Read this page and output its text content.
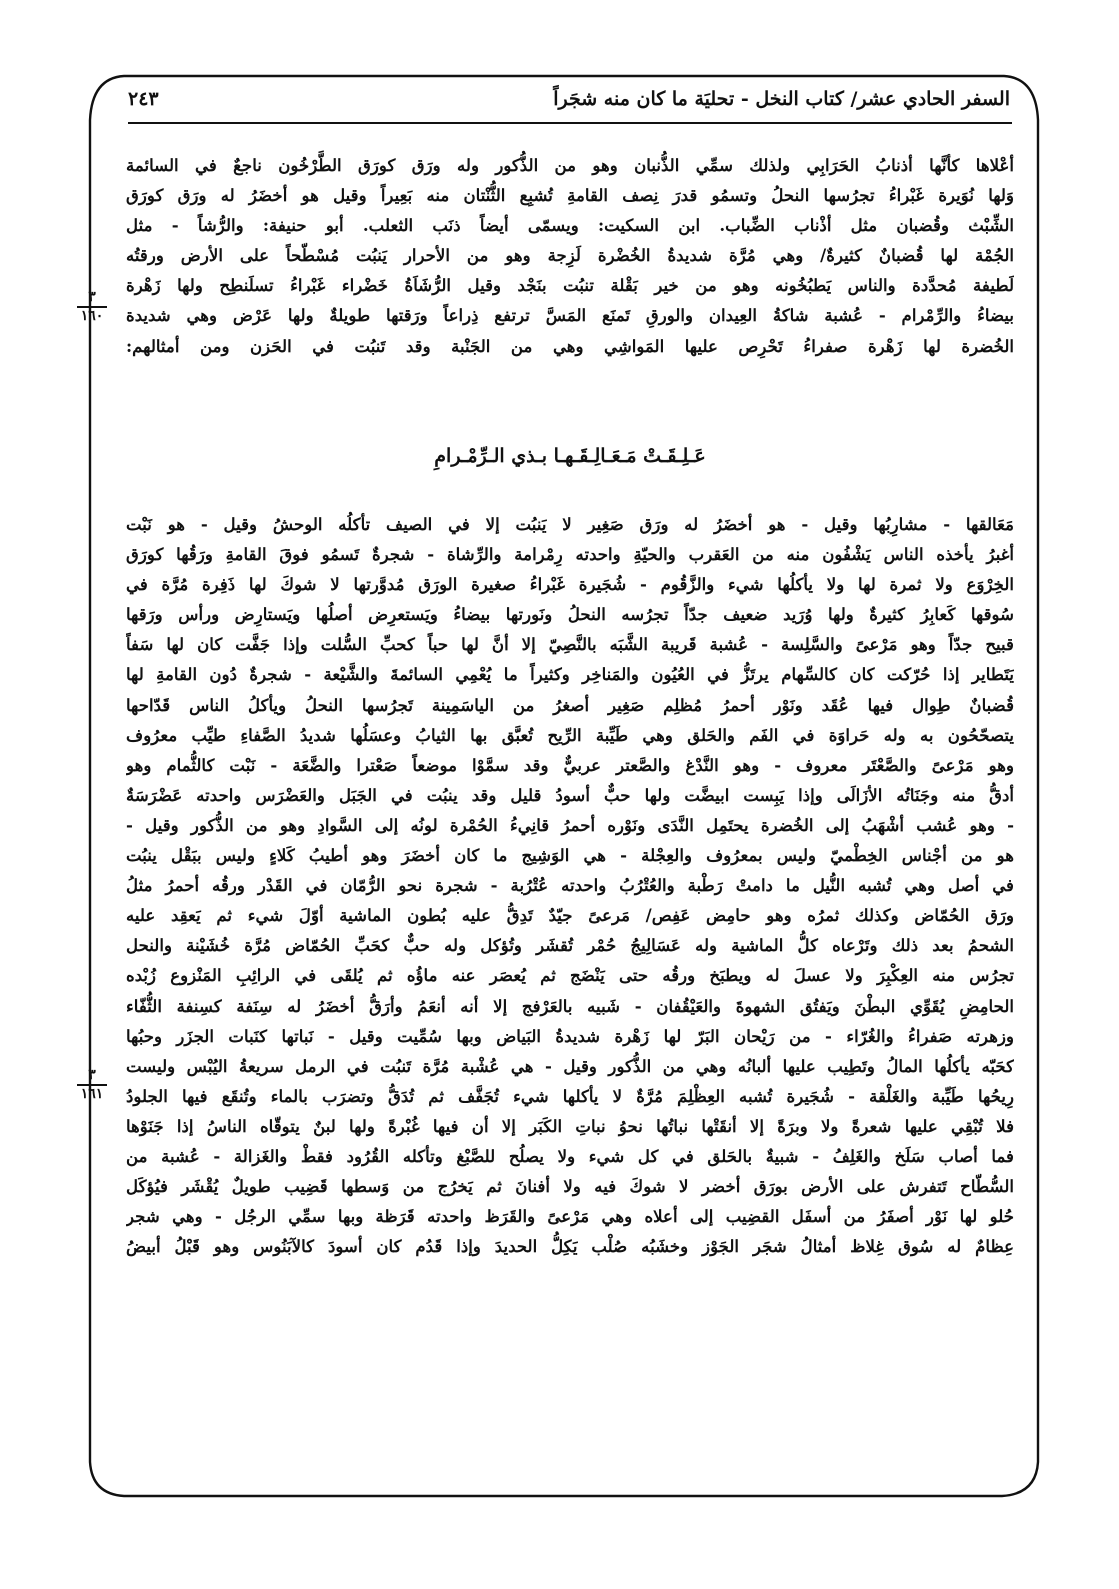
السفر الحادي عشر/ كتاب النخل - تحليَة ما كان منه شجَراً
٢٤٣
٣
١٦٠
٣
١٦١
أعْلاها كأنَّها أذنابُ الحَرَابِي ولذلك سمِّي الذُّنبان وهو من الذُّكور وله ورَق كورَق الطَّرْخُون ناجعٌ في السائمة
وَلها نُوَيرة غَبْراءُ تجرُسها النحلُ وتسمُو قدرَ نِصف القامةِ تُشبِع الثُّنْتان منه بَعِيراً وقيل هو أخضَرُ له ورَق كورَق
الشِّبْث وقُضبان مثل أذْناب الضِّباب. ابن السكيت: ويسمّى أيضاً ذنَب الثعلب. أبو حنيفة: والرُّشاً - مثل
الجُمْة لها قُضبانٌ كثيرةٌ/ وهي مُرَّة شديدةُ الخُضْرة لَزِجة وهو من الأحرار يَنبُت مُسْطّحاً على الأرض ورقتُه
لَطيفة مُحدَّدة والناس يَطبُخُونه وهو من خير بَقْلة تنبُت بنَجْد وقيل الرُّشَاَةُ خَضْراء غَبْراءُ تسلَنطِح ولها زَهْرة
بيضاءُ والرِّمْرام - عُشبة شاكةُ العِيدان والورقِ تَمنَع المَسَّ ترتفع ذِراعاً ورَقتها طويلةٌ ولها عَرْض وهي شديدة
الخُضرة لها زَهْرة صفراءُ تَحْرِص عليها المَواشِي وهي من الجَنْبة وقد تَنبُت في الحَزن ومن أمثالهم:
عَـلِـقَـتْ مَـعَـالِـقَـهـا بـذي الـرِّمْـرامِ
مَعَالقها - مشارِبُها وقيل - هو أخضَرُ له ورَق صَغِير لا يَنبُت إلا في الصيف تأكلُه الوحشُ وقيل - هو نَبْت
أغبرُ يأخذه الناس يَشْفُون منه من العَقرب والحيّةِ واحدته رِمْرامة والرِّشاة - شجرةٌ تَسمُو فوقَ القامةِ ورَقُها كورَق
الخِرْوَع ولا ثمرة لها ولا يأكلُها شيء والزَّقُوم - شُجَيرة غَبْراءُ صغيرة الورَق مُدوَّرتها لا شوكَ لها ذَفِرة مُرَّة في
سُوقها كَعابِرُ كثيرةٌ ولها وُرَيد ضعيف جدّاً تجرُسه النحلُ ونَورتها بيضاءُ ويَستعرِض أصلُها ويَستارِض ورأس ورَقها
قبيح جدّاً وهو مَرْعىً والسَّلِسة - عُشبة قَريبة الشَّبَه بالنَّصِيّ إلا أنَّ لها حباً كحبِّ السُّلت وإذا جَفَّت كان لها سَفاً
يَتَطاير إذا حُرّكت كان كالسِّهام يرتَزُّ في العُيُون والمَناخِر وكثيراً ما يُعْمِي السائمةَ والشَّيْعة - شجرةٌ دُون القامةِ لها
قُضبانٌ طِوال فيها عُقَد ونَوْر أحمرُ مُظلِم صَغِير أصغرُ من الياسَمِينة تَجرُسها النحلُ ويأكلُ الناس قَدّاحها
يتصحّحُون به وله حَراوَة في الفَم والحَلق وهي طَيِّبة الرِّيح تُعبَّق بها الثيابُ وعسَلُها شديدُ الصَّفاءِ طيِّب معرُوف
وهو مَرْعىً والصَّعْتَر معروف - وهو النَّدْغ والصَّعتر عربيٌّ وقد سمَّوْا موضعاً صَعْترا والضَّعَة - نَبْت كالثُّمام وهو
أدقُّ منه وجَنَاتُه الأزَالَى وإذا يَبِست ابيضَّت ولها حبٌّ أسودُ قليل وقد ينبُت في الجَبَل والعَضْرَس واحدته عَضْرَسَةٌ
- وهو عُشب أشْهَبُ إلى الخُضرة يحتَمِل النَّدَى ونَوْره أحمرُ قانِيءُ الحُمْرة لونُه إلى السَّوادِ وهو من الذُّكور وقيل -
هو من أجْناس الخِطْميّ وليس بمعرُوف والعِجْلة - هي الوَشِيج ما كان أخضَرَ وهو أطيبُ كَلاءٍ وليس ببَقْل ينبُت
في أصل وهي تُشبه النُّيل ما دامتْ رَطْبة والعُتْرُبُ واحدته عُتْرُبة - شجرة نحو الرُّمّان في القَدْر ورقُه أحمرُ مثلُ
ورَق الحُمّاض وكذلك ثمرُه وهو حامِض عَفِص/ مَرعىً جيّدٌ تَدِقُّ عليه بُطون الماشية أوّلَ شيء ثم يَعقِد عليه
الشحمُ بعد ذلك وتَرْعاه كلُّ الماشية وله عَسَالِيجُ حُمْر تُقشَر وتُؤكل وله حبٌّ كحَبِّ الحُمّاض مُرَّة خُشَيْنة والنحل
تجرُس منه العِكْبِرَ ولا عسلَ له ويطبَخ ورقُه حتى يَنْضَج ثم يُعصَر عنه ماؤُه ثم يُلقَى في الرائِبِ المَنْزوع زُبْده
الحامِضِ يُقَوِّي البطْنَ ويَفتُق الشهوةَ والعَيْقُفان - شَبيه بالعَرْفج إلا أنه أنعَمُ وأرَقُّ أخضَرُ له سِنَفة كسِنفة الثُّفّاء
وزهرته صَفراءُ والغُرّاء - من رَيْحان البَرّ لها زَهْرة شديدةُ البَياض وبها سُمِّيت وقيل - نَباتها كنَبات الجزَر وحبُها
كحَبّه يأكلُها المالُ وتَطِيب عليها ألبانُه وهي من الذُّكور وقيل - هي عُشْبة مُرَّة تَنبُت في الرمل سريعةُ اليُبْس وليست
رِيحُها طَيِّبة والغَلْقة - شُجَيرة تُشبه العِظْلِمَ مُرَّةٌ لا يأكلها شيء تُجَفَّف ثم تُدَقُّ وتضرَب بالماء وتُنقَع فيها الجلودُ
فلا تُبْقِي عليها شعرةً ولا وبرَةً إلا أنقَتْها نباتُها نحوُ نباتِ الكَبَر إلا أن فيها غُبْرةً ولها لبنٌ يتوقّاه الناسُ إذا جَنَوْها
فما أصاب سَلَخ والغَلِفُ - شبيةٌ بالحَلق في كل شيء ولا يصلُح للصَّبْغ وتأكله القُرُود فقطْ والغَزالة - عُشبة من
السُّطّاح تَتفرش على الأرض بورَق أخضر لا شوكَ فيه ولا أفنانَ ثم يَخرُج من وَسطها قَضِيب طويلٌ يُقْشَر فيُؤكَل
حُلو لها نَوْر أصفَرُ من أسفَل القضِيب إلى أعلاه وهي مَرْعىً والقَرَظ واحدته قَرَظة وبها سمِّي الرجُل - وهي شجر
عِظامٌ له سُوق غِلاظ أمثالُ شجَر الجَوْز وخشَبُه صُلْب يَكِلُّ الحديدَ وإذا قَدُم كان أسودَ كالآبَنُوس وهو قَبْلُ أبيضُ
